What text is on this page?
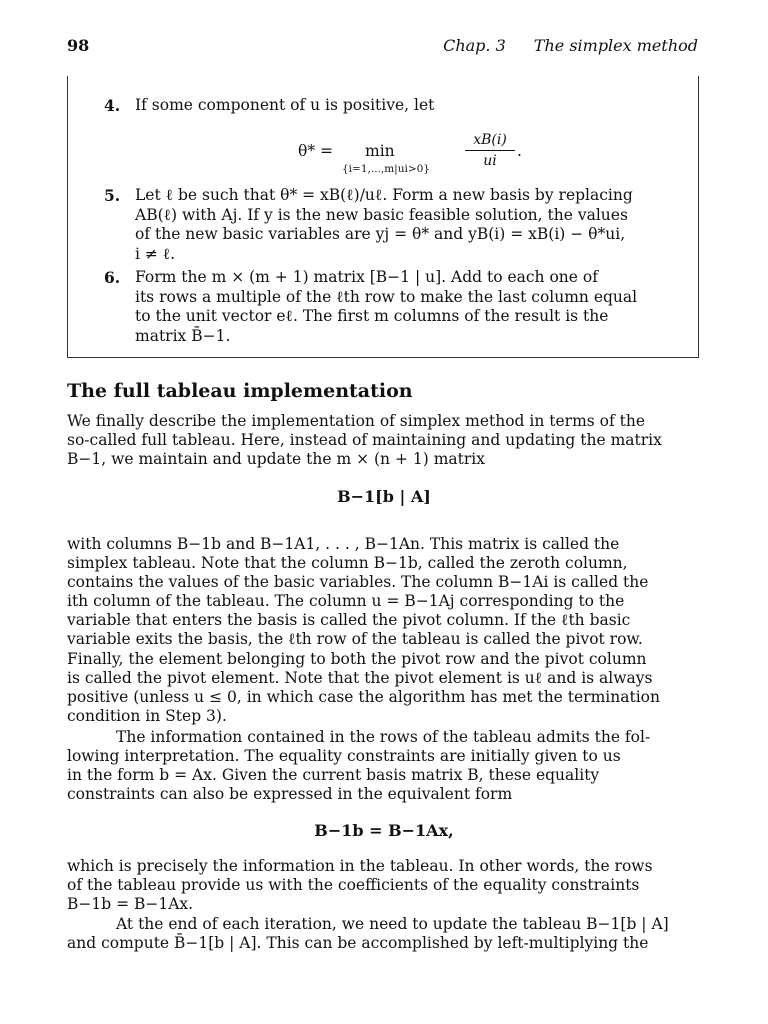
98	Chap. 3 The simplex method
4. If some component of u is positive, let
θ* = min
{i=1,...,m|ui>0}	$\frac{xB(i)}{ui}$ .
5. Let ℓ be such that θ* = xB(ℓ)/uℓ. Form a new basis by replacing
AB(ℓ) with Aj. If y is the new basic feasible solution, the values
of the new basic variables are yj = θ* and yB(i) = xB(i) − θ*ui,
i ≠ ℓ.
6. Form the m × (m + 1) matrix [B−1 | u]. Add to each one of
its rows a multiple of the ℓth row to make the last column equal
to the unit vector eℓ. The first m columns of the result is the
matrix B̄−1.
The full tableau implementation
We finally describe the implementation of simplex method in terms of the
so-called full tableau. Here, instead of maintaining and updating the matrix
B−1, we maintain and update the m × (n + 1) matrix
B−1[b | A]
with columns B−1b and B−1A1, . . . , B−1An. This matrix is called the
simplex tableau. Note that the column B−1b, called the zeroth column,
contains the values of the basic variables. The column B−1Ai is called the
ith column of the tableau. The column u = B−1Aj corresponding to the
variable that enters the basis is called the pivot column. If the ℓth basic
variable exits the basis, the ℓth row of the tableau is called the pivot row.
Finally, the element belonging to both the pivot row and the pivot column
is called the pivot element. Note that the pivot element is uℓ and is always
positive (unless u ≤ 0, in which case the algorithm has met the termination
condition in Step 3).
The information contained in the rows of the tableau admits the fol-
lowing interpretation. The equality constraints are initially given to us
in the form b = Ax. Given the current basis matrix B, these equality
constraints can also be expressed in the equivalent form
B−1b = B−1Ax,
which is precisely the information in the tableau. In other words, the rows
of the tableau provide us with the coefficients of the equality constraints
B−1b = B−1Ax.
At the end of each iteration, we need to update the tableau B−1[b | A]
and compute B̄−1[b | A]. This can be accomplished by left-multiplying the
